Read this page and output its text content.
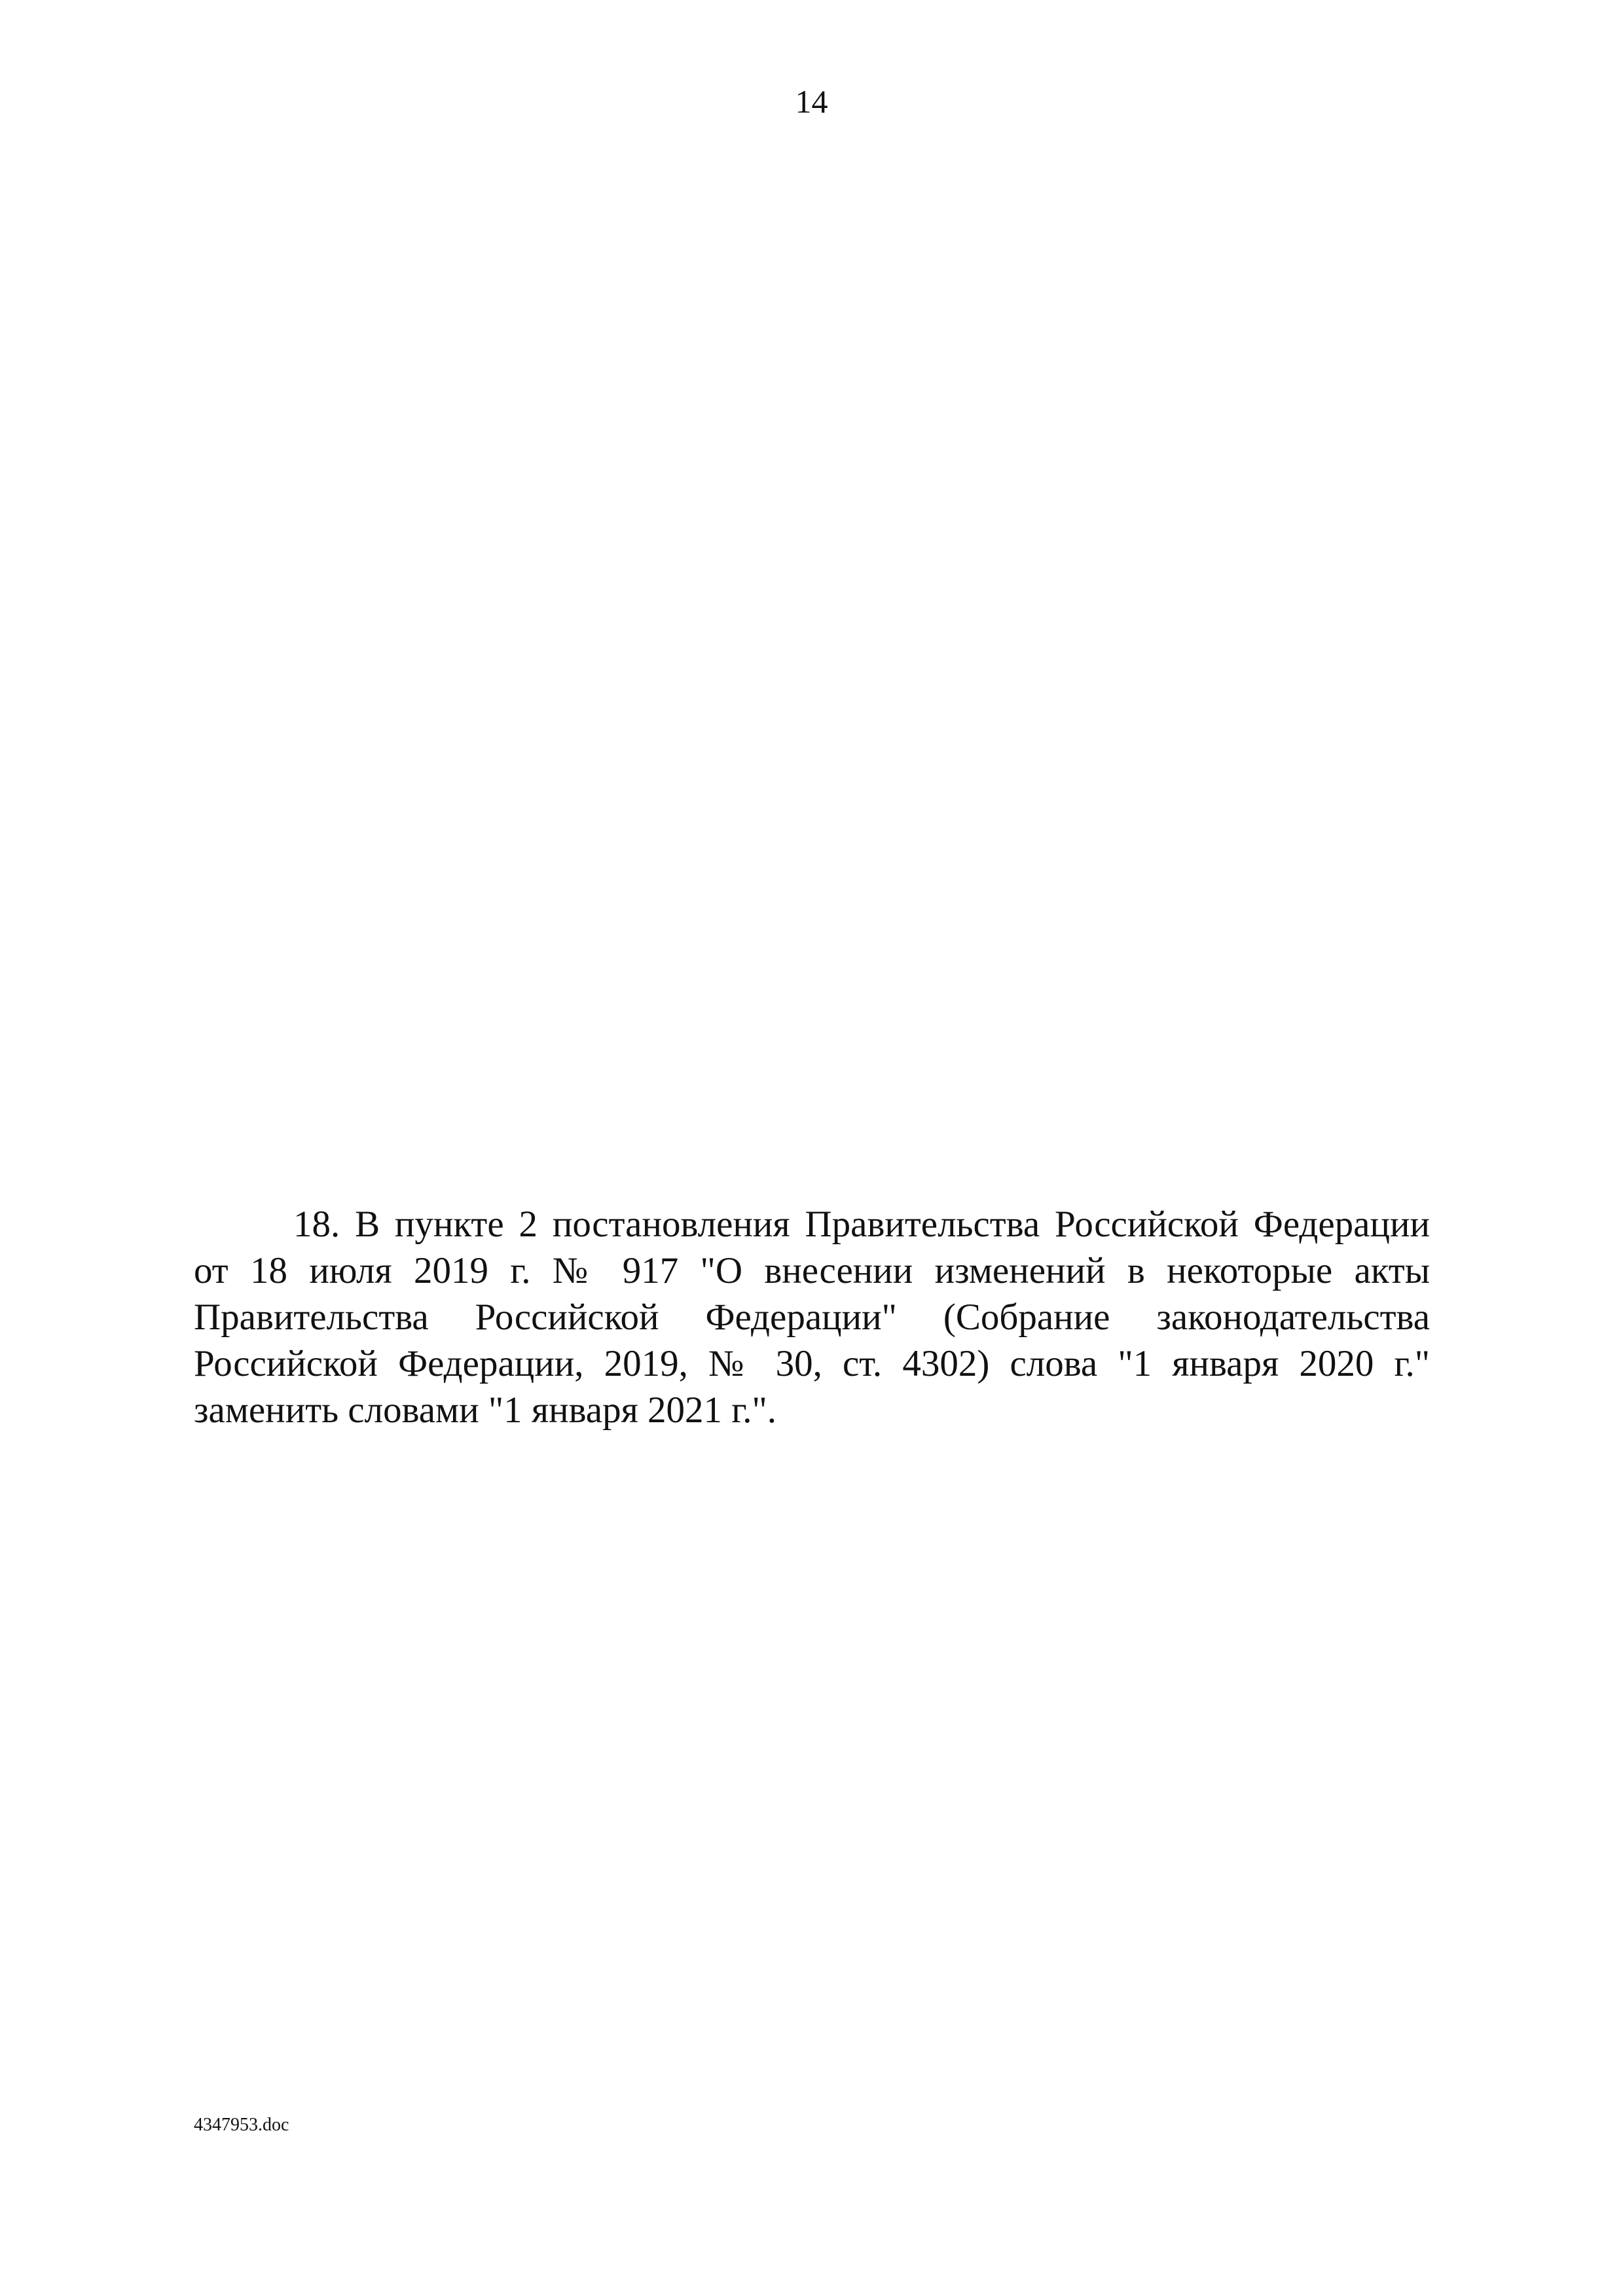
14
18. В пункте 2 постановления Правительства Российской Федерации
от 18 июля 2019 г. № 917 "О внесении изменений в некоторые акты
Правительства Российской Федерации" (Собрание законодательства
Российской Федерации, 2019, № 30, ст. 4302) слова "1 января 2020 г."
заменить словами "1 января 2021 г.".
4347953.doc
